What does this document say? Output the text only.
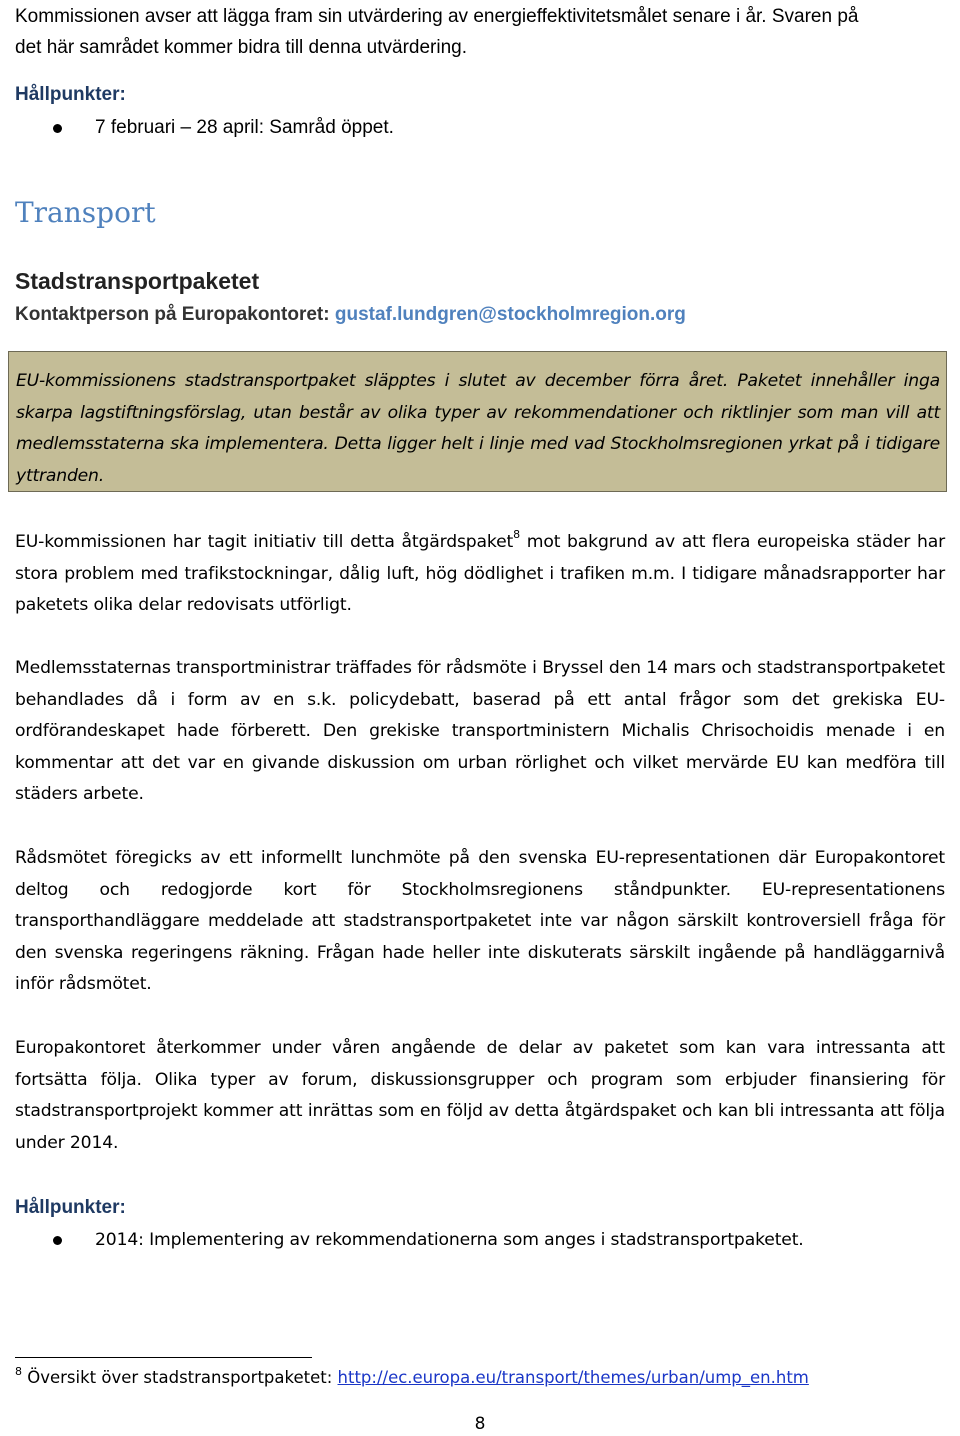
Kommissionen avser att lägga fram sin utvärdering av energieffektivitetsmålet senare i år. Svaren på
det här samrådet kommer bidra till denna utvärdering.
Hållpunkter:
7 februari – 28 april: Samråd öppet.
Transport
Stadstransportpaketet
Kontaktperson på Europakontoret: gustaf.lundgren@stockholmregion.org
EU-kommissionens stadstransportpaket släpptes i slutet av december förra året. Paketet innehåller inga skarpa lagstiftningsförslag, utan består av olika typer av rekommendationer och riktlinjer som man vill att medlemsstaterna ska implementera. Detta ligger helt i linje med vad Stockholmsregionen yrkat på i tidigare yttranden.
EU-kommissionen har tagit initiativ till detta åtgärdspaket$^8$ mot bakgrund av att flera europeiska städer har stora problem med trafikstockningar, dålig luft, hög dödlighet i trafiken m.m. I tidigare månadsrapporter har paketets olika delar redovisats utförligt.
Medlemsstaternas transportministrar träffades för rådsmöte i Bryssel den 14 mars och stadstransportpaketet behandlades då i form av en s.k. policydebatt, baserad på ett antal frågor som det grekiska EU-ordförandeskapet hade förberett. Den grekiske transportministern Michalis Chrisochoidis menade i en kommentar att det var en givande diskussion om urban rörlighet och vilket mervärde EU kan medföra till städers arbete.
Rådsmötet föregicks av ett informellt lunchmöte på den svenska EU-representationen där Europakontoret deltog och redogjorde kort för Stockholmsregionens ståndpunkter. EU-representationens transporthandläggare meddelade att stadstransportpaketet inte var någon särskilt kontroversiell fråga för den svenska regeringens räkning. Frågan hade heller inte diskuterats särskilt ingående på handläggarnivå inför rådsmötet.
Europakontoret återkommer under våren angående de delar av paketet som kan vara intressanta att fortsätta följa. Olika typer av forum, diskussionsgrupper och program som erbjuder finansiering för stadstransportprojekt kommer att inrättas som en följd av detta åtgärdspaket och kan bli intressanta att följa under 2014.
Hållpunkter:
2014: Implementering av rekommendationerna som anges i stadstransportpaketet.
$^8$ Översikt över stadstransportpaketet: http://ec.europa.eu/transport/themes/urban/ump_en.htm
8
